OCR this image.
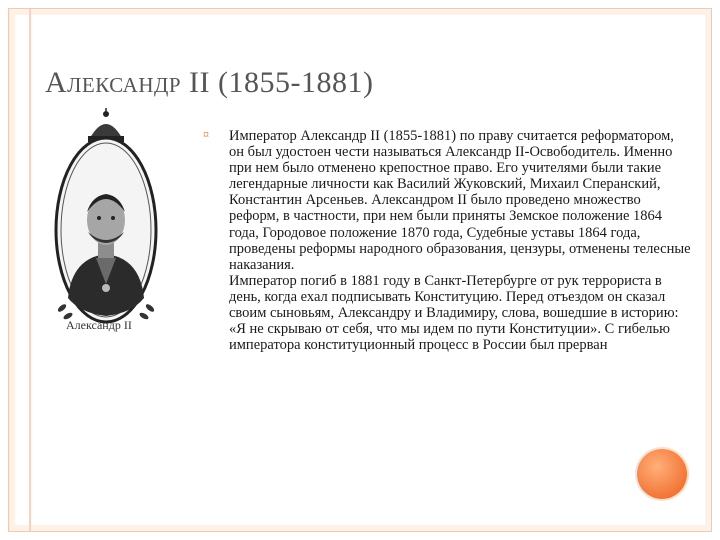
АЛЕКСАНДР II (1855-1881)
Александр II
¤ Император Александр II (1855-1881) по праву считается реформатором, он был удостоен чести называться Александр II-Освободитель. Именно при нем было отменено крепостное право. Его учителями были такие легендарные личности как Василий Жуковский, Михаил Сперанский, Константин Арсеньев. Александром II было проведено множество реформ, в частности, при нем были приняты Земское положение 1864 года, Городовое положение 1870 года, Судебные уставы 1864 года, проведены реформы народного образования, цензуры, отменены телесные наказания.

Император погиб в 1881 году в Санкт-Петербурге от рук террориста в день, когда ехал подписывать Конституцию. Перед отъездом он сказал своим сыновьям, Александру и Владимиру, слова, вошедшие в историю: «Я не скрываю от себя, что мы идем по пути Конституции». С гибелью императора конституционный процесс в России был прерван
